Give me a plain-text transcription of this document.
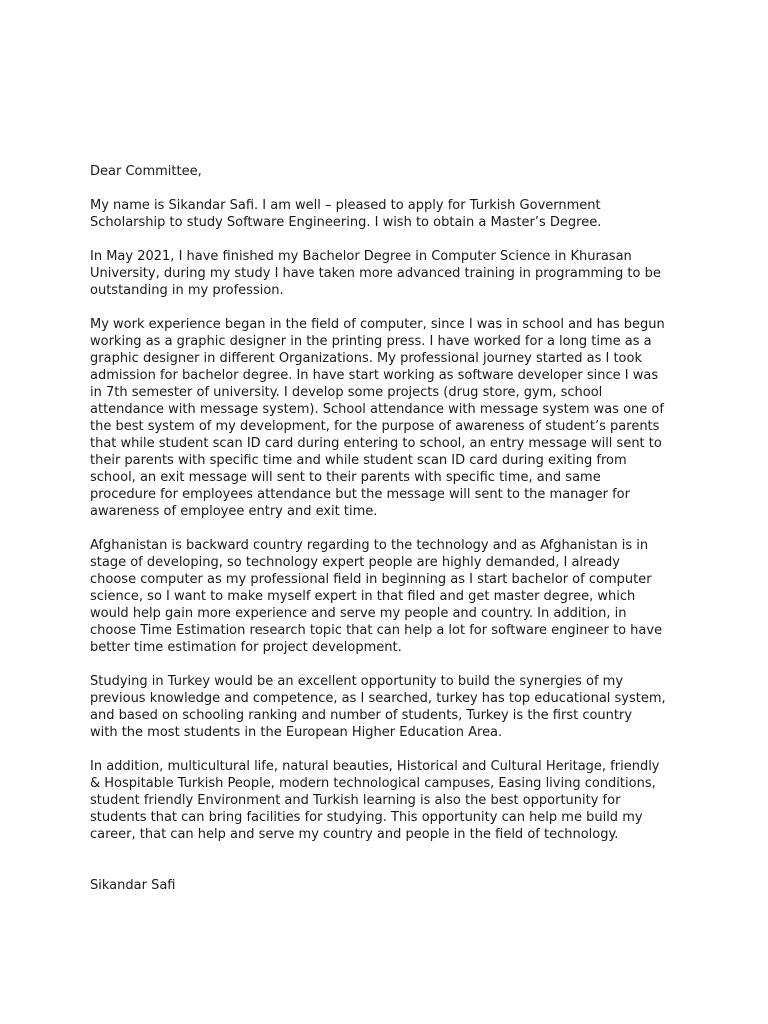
Dear Committee,

My name is Sikandar Safi. I am well – pleased to apply for Turkish Government
Scholarship to study Software Engineering. I wish to obtain a Master’s Degree.

In May 2021, I have finished my Bachelor Degree in Computer Science in Khurasan
University, during my study I have taken more advanced training in programming to be
outstanding in my profession.

My work experience began in the field of computer, since I was in school and has begun
working as a graphic designer in the printing press. I have worked for a long time as a
graphic designer in different Organizations. My professional journey started as I took
admission for bachelor degree. In have start working as software developer since I was
in 7th semester of university. I develop some projects (drug store, gym, school
attendance with message system). School attendance with message system was one of
the best system of my development, for the purpose of awareness of student’s parents
that while student scan ID card during entering to school, an entry message will sent to
their parents with specific time and while student scan ID card during exiting from
school, an exit message will sent to their parents with specific time, and same
procedure for employees attendance but the message will sent to the manager for
awareness of employee entry and exit time.

Afghanistan is backward country regarding to the technology and as Afghanistan is in
stage of developing, so technology expert people are highly demanded, I already
choose computer as my professional field in beginning as I start bachelor of computer
science, so I want to make myself expert in that filed and get master degree, which
would help gain more experience and serve my people and country. In addition, in
choose Time Estimation research topic that can help a lot for software engineer to have
better time estimation for project development.

Studying in Turkey would be an excellent opportunity to build the synergies of my
previous knowledge and competence, as I searched, turkey has top educational system,
and based on schooling ranking and number of students, Turkey is the first country
with the most students in the European Higher Education Area.

In addition, multicultural life, natural beauties, Historical and Cultural Heritage, friendly
& Hospitable Turkish People, modern technological campuses, Easing living conditions,
student friendly Environment and Turkish learning is also the best opportunity for
students that can bring facilities for studying. This opportunity can help me build my
career, that can help and serve my country and people in the field of technology.

Sikandar Safi
